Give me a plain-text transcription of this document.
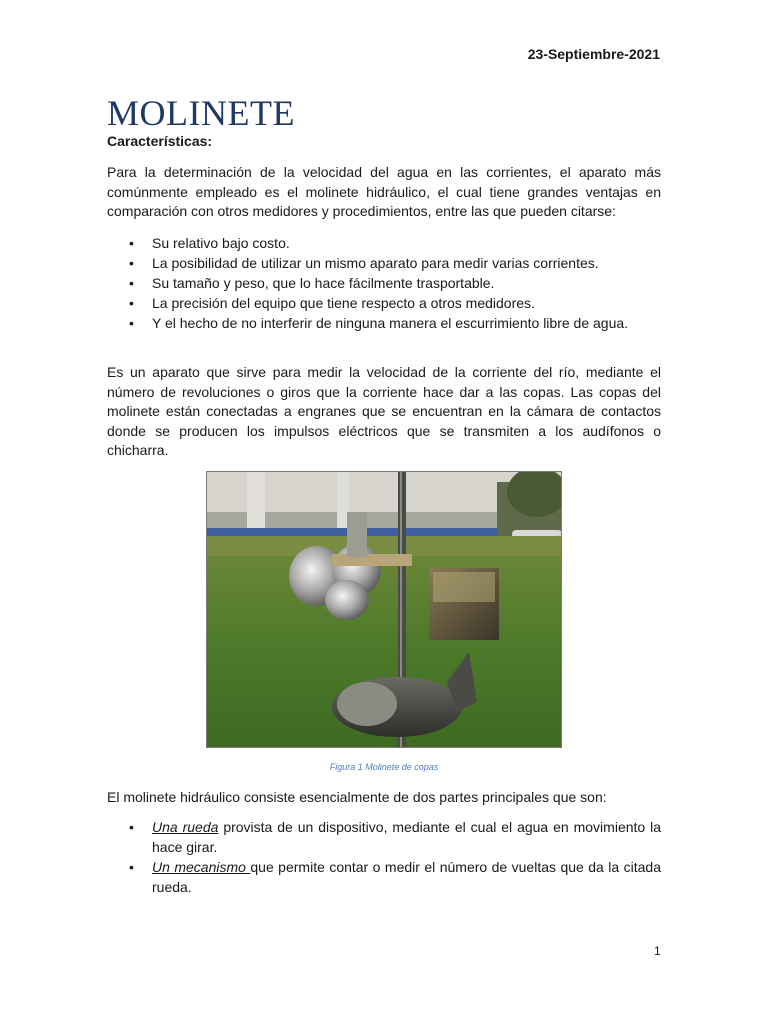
23-Septiembre-2021
MOLINETE
Características:

Para la determinación de la velocidad del agua en las corrientes, el aparato más comúnmente empleado es el molinete hidráulico, el cual tiene grandes ventajas en comparación con otros medidores y procedimientos, entre las que pueden citarse:

• Su relativo bajo costo.
• La posibilidad de utilizar un mismo aparato para medir varias corrientes.
• Su tamaño y peso, que lo hace fácilmente trasportable.
• La precisión del equipo que tiene respecto a otros medidores.
• Y el hecho de no interferir de ninguna manera el escurrimiento libre de agua.

Es un aparato que sirve para medir la velocidad de la corriente del río, mediante el número de revoluciones o giros que la corriente hace dar a las copas. Las copas del molinete están conectadas a engranes que se encuentran en la cámara de contactos donde se producen los impulsos eléctricos que se transmiten a los audífonos o chicharra.

Figura 1 Molinete de copas

El molinete hidráulico consiste esencialmente de dos partes principales que son:

• Una rueda provista de un dispositivo, mediante el cual el agua en movimiento la hace girar.
• Un mecanismo que permite contar o medir el número de vueltas que da la citada rueda.
1
